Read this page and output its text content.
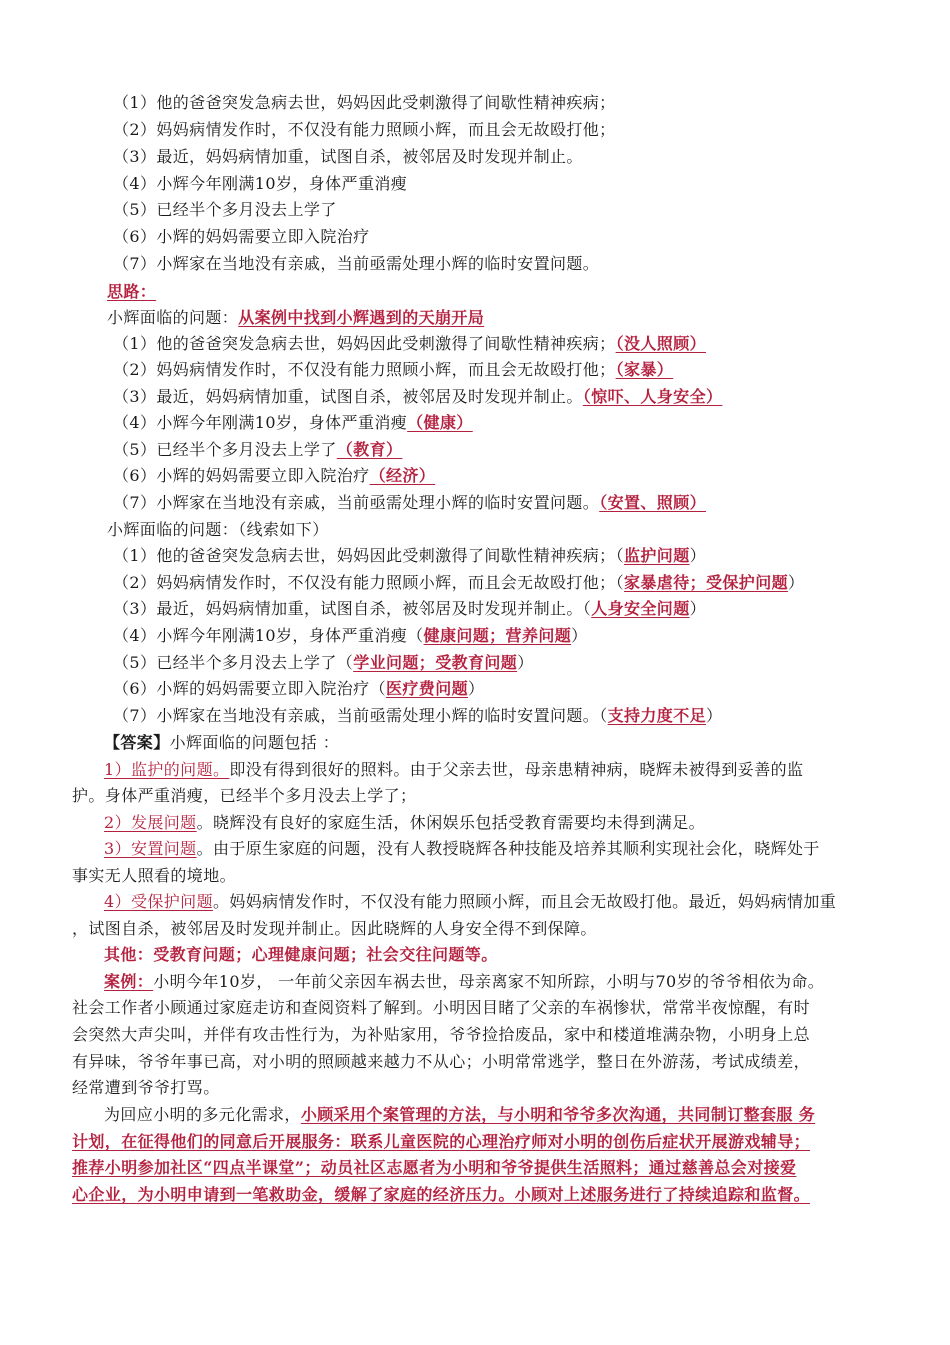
（1）他的爸爸突发急病去世，妈妈因此受刺激得了间歇性精神疾病；
（2）妈妈病情发作时，不仅没有能力照顾小辉，而且会无故殴打他；
（3）最近，妈妈病情加重，试图自杀，被邻居及时发现并制止。
（4）小辉今年刚满10岁，身体严重消瘦
（5）已经半个多月没去上学了
（6）小辉的妈妈需要立即入院治疗
（7）小辉家在当地没有亲戚，当前亟需处理小辉的临时安置问题。
思路：
小辉面临的问题：从案例中找到小辉遇到的天崩开局
（1）他的爸爸突发急病去世，妈妈因此受刺激得了间歇性精神疾病；（没人照顾）
（2）妈妈病情发作时，不仅没有能力照顾小辉，而且会无故殴打他；（家暴）
（3）最近，妈妈病情加重，试图自杀，被邻居及时发现并制止。（惊吓、人身安全）
（4）小辉今年刚满10岁，身体严重消瘦（健康）
（5）已经半个多月没去上学了（教育）
（6）小辉的妈妈需要立即入院治疗（经济）
（7）小辉家在当地没有亲戚，当前亟需处理小辉的临时安置问题。（安置、照顾）
小辉面临的问题：（线索如下）
（1）他的爸爸突发急病去世，妈妈因此受刺激得了间歇性精神疾病；（监护问题）
（2）妈妈病情发作时，不仅没有能力照顾小辉，而且会无故殴打他；（家暴虐待；受保护问题）
（3）最近，妈妈病情加重，试图自杀，被邻居及时发现并制止。（人身安全问题）
（4）小辉今年刚满10岁，身体严重消瘦（健康问题；营养问题）
（5）已经半个多月没去上学了（学业问题；受教育问题）
（6）小辉的妈妈需要立即入院治疗（医疗费问题）
（7）小辉家在当地没有亲戚，当前亟需处理小辉的临时安置问题。（支持力度不足）
【答案】小辉面临的问题包括 ：
1）监护的问题。即没有得到很好的照料。由于父亲去世，母亲患精神病，晓辉未被得到妥善的监
护。身体严重消瘦，已经半个多月没去上学了；
2）发展问题。晓辉没有良好的家庭生活，休闲娱乐包括受教育需要均未得到满足。
3）安置问题。由于原生家庭的问题，没有人教授晓辉各种技能及培养其顺利实现社会化，晓辉处于
事实无人照看的境地。
4）受保护问题。妈妈病情发作时，不仅没有能力照顾小辉，而且会无故殴打他。最近，妈妈病情加重
，试图自杀，被邻居及时发现并制止。因此晓辉的人身安全得不到保障。
其他：受教育问题；心理健康问题；社会交往问题等。
案例：小明今年10岁， 一年前父亲因车祸去世，母亲离家不知所踪，小明与70岁的爷爷相依为命。
社会工作者小顾通过家庭走访和查阅资料了解到。小明因目睹了父亲的车祸惨状，常常半夜惊醒，有时
会突然大声尖叫，并伴有攻击性行为，为补贴家用，爷爷捡拾废品，家中和楼道堆满杂物，小明身上总
有异味，爷爷年事已高，对小明的照顾越来越力不从心；小明常常逃学，整日在外游荡，考试成绩差，
经常遭到爷爷打骂。
为回应小明的多元化需求，小顾采用个案管理的方法，与小明和爷爷多次沟通，共同制订整套服 务
计划，在征得他们的同意后开展服务：联系儿童医院的心理治疗师对小明的创伤后症状开展游戏辅导；
推荐小明参加社区“四点半课堂”；动员社区志愿者为小明和爷爷提供生活照料；通过慈善总会对接爱
心企业，为小明申请到一笔救助金，缓解了家庭的经济压力。小顾对上述服务进行了持续追踪和监督。
